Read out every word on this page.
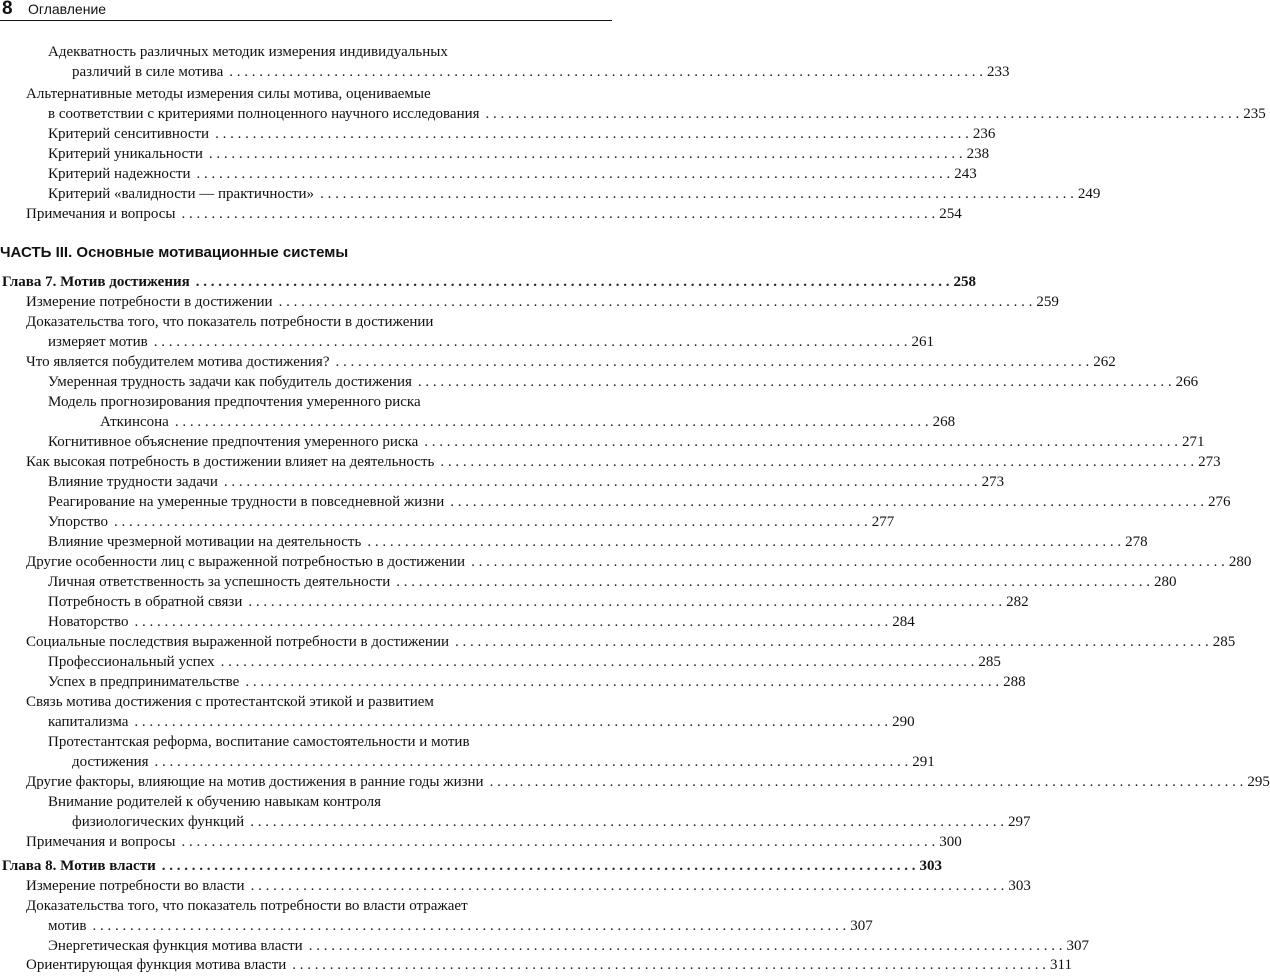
8 Оглавление
Адекватность различных методик измерения индивидуальных
различий в силе мотива . . .	233
Альтернативные методы измерения силы мотива, оцениваемые
в соответствии с критериями полноценного научного исследования . . .	235
Критерий сенситивности . . .	236
Критерий уникальности . . .	238
Критерий надежности . . .	243
Критерий «валидности — практичности» . . .	249
Примечания и вопросы . . .	254
ЧАСТЬ III. Основные мотивационные системы
Глава 7. Мотив достижения . . .	258
Измерение потребности в достижении . . .	259
Доказательства того, что показатель потребности в достижении
измеряет мотив . . .	261
Что является побудителем мотива достижения? . . .	262
Умеренная трудность задачи как побудитель достижения . . .	266
Модель прогнозирования предпочтения умеренного риска
Аткинсона . . .	268
Когнитивное объяснение предпочтения умеренного риска . . .	271
Как высокая потребность в достижении влияет на деятельность . . .	273
Влияние трудности задачи . . .	273
Реагирование на умеренные трудности в повседневной жизни . . .	276
Упорство . . .	277
Влияние чрезмерной мотивации на деятельность . . .	278
Другие особенности лиц с выраженной потребностью в достижении . . .	280
Личная ответственность за успешность деятельности . . .	280
Потребность в обратной связи . . .	282
Новаторство . . .	284
Социальные последствия выраженной потребности в достижении . . .	285
Профессиональный успех . . .	285
Успех в предпринимательстве . . .	288
Связь мотива достижения с протестантской этикой и развитием
капитализма . . .	290
Протестантская реформа, воспитание самостоятельности и мотив
достижения . . .	291
Другие факторы, влияющие на мотив достижения в ранние годы жизни . . .	295
Внимание родителей к обучению навыкам контроля
физиологических функций . . .	297
Примечания и вопросы . . .	300
Глава 8. Мотив власти . . .	303
Измерение потребности во власти . . .	303
Доказательства того, что показатель потребности во власти отражает
мотив . . .	307
Энергетическая функция мотива власти . . .	307
Ориентирующая функция мотива власти . . .	311
